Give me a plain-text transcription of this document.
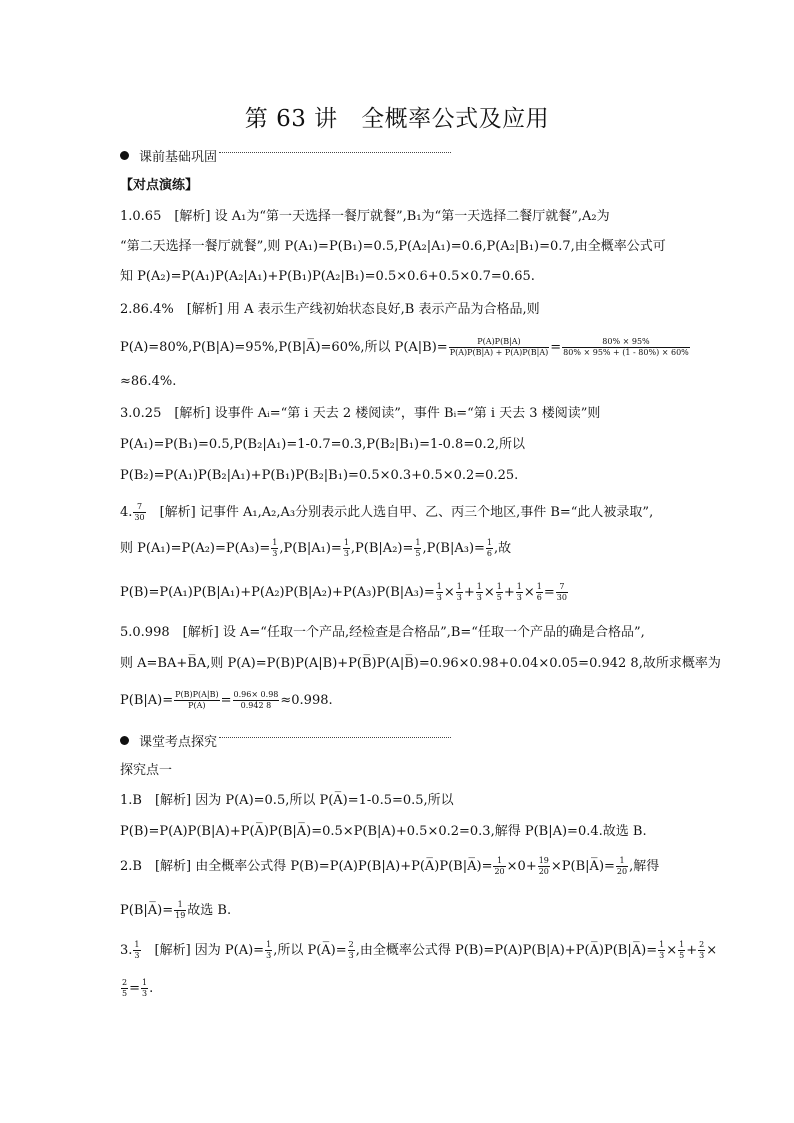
第 63 讲　全概率公式及应用
课前基础巩固
【对点演练】
1.0.65　[解析] 设 A₁为“第一天选择一餐厅就餐”,B₁为“第一天选择二餐厅就餐”,A₂为
“第二天选择一餐厅就餐”,则 P(A₁)=P(B₁)=0.5,P(A₂|A₁)=0.6,P(A₂|B₁)=0.7,由全概率公式可
知 P(A₂)=P(A₁)P(A₂|A₁)+P(B₁)P(A₂|B₁)=0.5×0.6+0.5×0.7=0.65.
2.86.4%　[解析] 用 A 表示生产线初始状态良好,B 表示产品为合格品,则
P(A)=80%,P(B|A)=95%,P(B|A̅)=60%,所以 $P(A|B)= \frac{P(A)P(B|A)}{P(A)P(B|A) + P(A̅)P(B|A̅)} = \frac{80\% \times 95\%}{80\% \times 95\% + (1 - 80\%) \times 60\%}$
≈86.4%.
3.0.25　[解析] 设事件 Aᵢ=“第 i 天去 2 楼阅读”，事件 Bᵢ=“第 i 天去 3 楼阅读”则
P(A₁)=P(B₁)=0.5,P(B₂|A₁)=1-0.7=0.3,P(B₂|B₁)=1-0.8=0.2,所以
P(B₂)=P(A₁)P(B₂|A₁)+P(B₁)P(B₂|B₁)=0.5×0.3+0.5×0.2=0.25.
4. $\frac{7}{30}$ 　[解析] 记事件 A₁,A₂,A₃分别表示此人选自甲、乙、丙三个地区,事件 B=“此人被录取”,
则 $P(A_1)=P(A_2)=P(A_3)= \frac{1}{3} ,P(B|A_1)= \frac{1}{3} ,P(B|A_2)= \frac{1}{5} ,P(B|A_3)= \frac{1}{6}$ ,故
$P(B)=P(A_1)P(B|A_1)+P(A_2)P(B|A_2)+P(A_3)P(B|A_3)= \frac{1}{3} \times \frac{1}{3} + \frac{1}{3} \times \frac{1}{5} + \frac{1}{3} \times \frac{1}{6} = \frac{7}{30}$
5.0.998　[解析] 设 A=“任取一个产品,经检查是合格品”,B=“任取一个产品的确是合格品”,
则 A=BA+B̅A,则 P(A)=P(B)P(A|B)+P(B̅)P(A|B̅)=0.96×0.98+0.04×0.05=0.942 8,故所求概率为
$P(B|A)= \frac{P(B)P(A|B)}{P(A)} = \frac{0.96\times 0.98}{0.942 8} \approx 0.998$.
课堂考点探究
探究点一
1.B　[解析] 因为 P(A)=0.5,所以 P(A̅)=1-0.5=0.5,所以
P(B)=P(A)P(B|A)+P(A̅)P(B|A̅)=0.5×P(B|A)+0.5×0.2=0.3,解得 P(B|A)=0.4.故选 B.
2.B　[解析] 由全概率公式得 P(B)=P(A)P(B|A)+P(A̅)P(B|A̅)= $\frac{1}{20} \times 0+ \frac{19}{20}$ ×P(B|A̅)= $\frac{1}{20}$ ,解得
P(B|A̅)= $\frac{1}{19}$ 故选 B.
3. $\frac{1}{3}$ 　[解析] 因为 $P(A)= \frac{1}{3}$ ,所以 P(A̅)= $\frac{2}{3}$ ,由全概率公式得 P(B)=P(A)P(B|A)+P(A̅)P(B|A̅)= $\frac{1}{3} \times \frac{1}{5} + \frac{2}{3}$ ×
$\frac{2}{5} = \frac{1}{3}$ .
